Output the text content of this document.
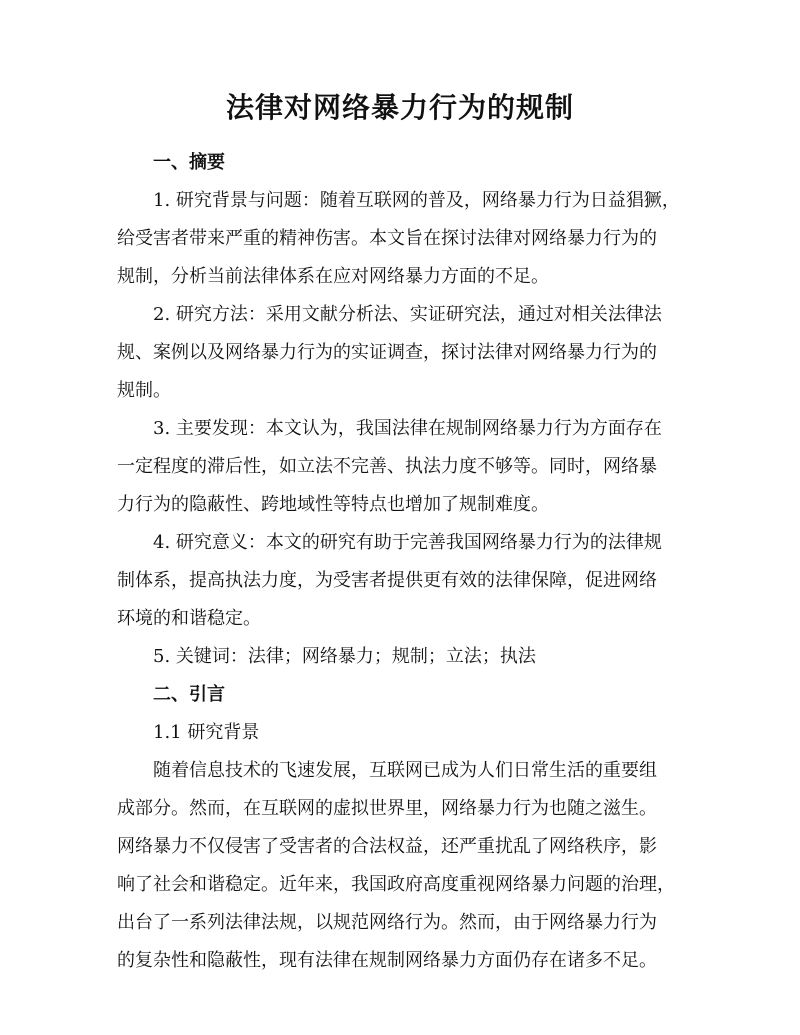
法律对网络暴力行为的规制

一、摘要

1. 研究背景与问题：随着互联网的普及，网络暴力行为日益猖獗，
给受害者带来严重的精神伤害。本文旨在探讨法律对网络暴力行为的
规制，分析当前法律体系在应对网络暴力方面的不足。

2. 研究方法：采用文献分析法、实证研究法，通过对相关法律法
规、案例以及网络暴力行为的实证调查，探讨法律对网络暴力行为的
规制。

3. 主要发现：本文认为，我国法律在规制网络暴力行为方面存在
一定程度的滞后性，如立法不完善、执法力度不够等。同时，网络暴
力行为的隐蔽性、跨地域性等特点也增加了规制难度。

4. 研究意义：本文的研究有助于完善我国网络暴力行为的法律规
制体系，提高执法力度，为受害者提供更有效的法律保障，促进网络
环境的和谐稳定。

5. 关键词：法律；网络暴力；规制；立法；执法

二、引言

1.1 研究背景

随着信息技术的飞速发展，互联网已成为人们日常生活的重要组
成部分。然而，在互联网的虚拟世界里，网络暴力行为也随之滋生。
网络暴力不仅侵害了受害者的合法权益，还严重扰乱了网络秩序，影
响了社会和谐稳定。近年来，我国政府高度重视网络暴力问题的治理，
出台了一系列法律法规，以规范网络行为。然而，由于网络暴力行为
的复杂性和隐蔽性，现有法律在规制网络暴力方面仍存在诸多不足。
